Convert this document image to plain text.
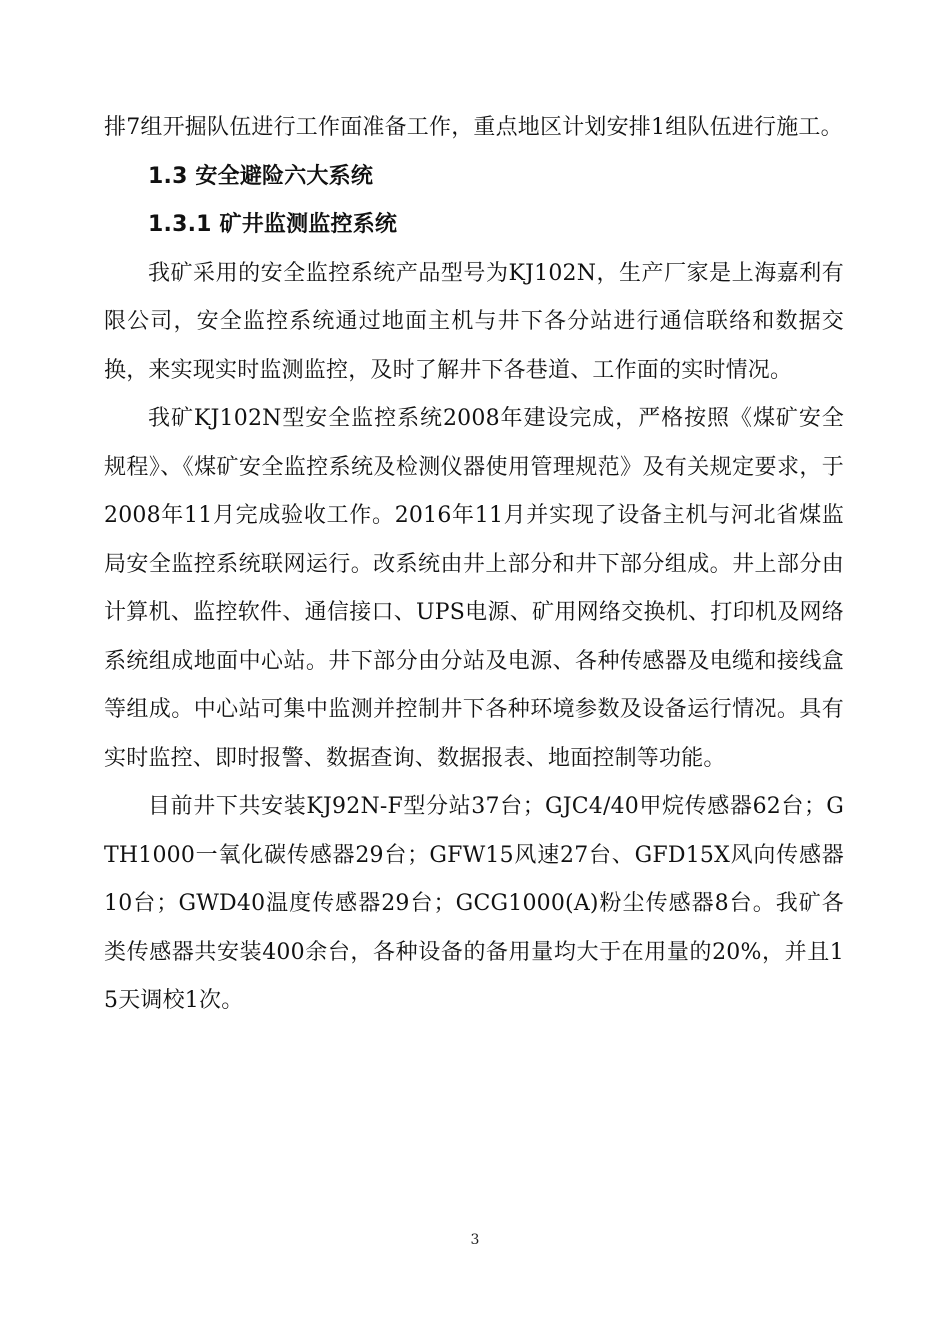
排7组开掘队伍进行工作面准备工作，重点地区计划安排1组队伍进行施工。

1.3 安全避险六大系统

1.3.1 矿井监测监控系统

我矿采用的安全监控系统产品型号为KJ102N，生产厂家是上海嘉利有限公司，安全监控系统通过地面主机与井下各分站进行通信联络和数据交换，来实现实时监测监控，及时了解井下各巷道、工作面的实时情况。

我矿KJ102N型安全监控系统2008年建设完成，严格按照《煤矿安全规程》、《煤矿安全监控系统及检测仪器使用管理规范》及有关规定要求，于2008年11月完成验收工作。2016年11月并实现了设备主机与河北省煤监局安全监控系统联网运行。改系统由井上部分和井下部分组成。井上部分由计算机、监控软件、通信接口、UPS电源、矿用网络交换机、打印机及网络系统组成地面中心站。井下部分由分站及电源、各种传感器及电缆和接线盒等组成。中心站可集中监测并控制井下各种环境参数及设备运行情况。具有实时监控、即时报警、数据查询、数据报表、地面控制等功能。

目前井下共安装KJ92N-F型分站37台；GJC4/40甲烷传感器62台；GTH1000一氧化碳传感器29台；GFW15风速27台、GFD15X风向传感器10台；GWD40温度传感器29台；GCG1000(A)粉尘传感器8台。我矿各类传感器共安装400余台，各种设备的备用量均大于在用量的20%，并且15天调校1次。

3
